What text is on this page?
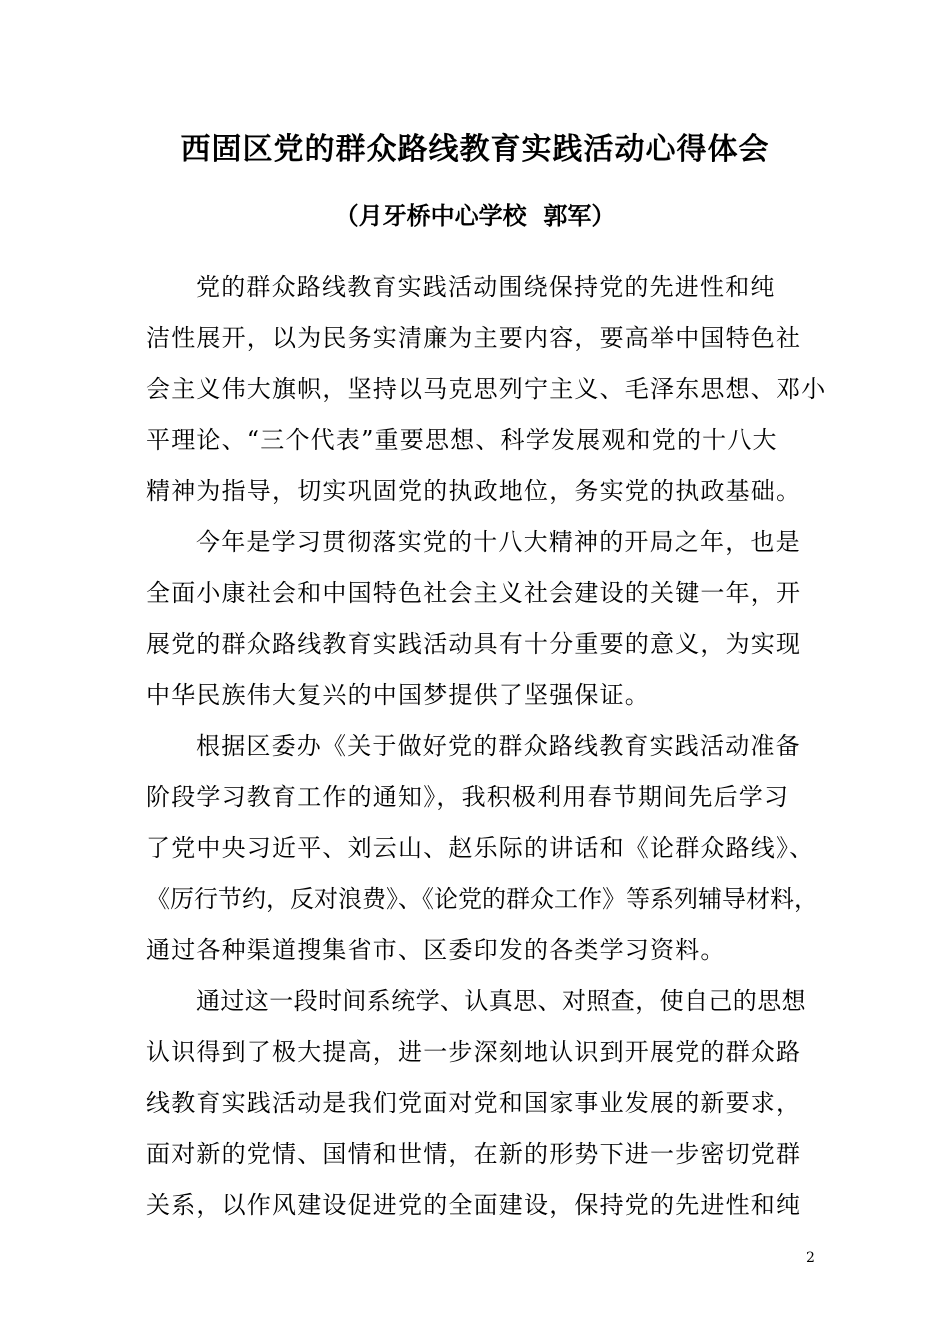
西固区党的群众路线教育实践活动心得体会
（月牙桥中心学校  郭军）
党的群众路线教育实践活动围绕保持党的先进性和纯
洁性展开，以为民务实清廉为主要内容，要高举中国特色社
会主义伟大旗帜，坚持以马克思列宁主义、毛泽东思想、邓小
平理论、“三个代表”重要思想、科学发展观和党的十八大
精神为指导，切实巩固党的执政地位，务实党的执政基础。
今年是学习贯彻落实党的十八大精神的开局之年，也是
全面小康社会和中国特色社会主义社会建设的关键一年，开
展党的群众路线教育实践活动具有十分重要的意义，为实现
中华民族伟大复兴的中国梦提供了坚强保证。
根据区委办《关于做好党的群众路线教育实践活动准备
阶段学习教育工作的通知》，我积极利用春节期间先后学习
了党中央习近平、刘云山、赵乐际的讲话和《论群众路线》、
《厉行节约，反对浪费》、《论党的群众工作》等系列辅导材料，
通过各种渠道搜集省市、区委印发的各类学习资料。
通过这一段时间系统学、认真思、对照查，使自己的思想
认识得到了极大提高，进一步深刻地认识到开展党的群众路
线教育实践活动是我们党面对党和国家事业发展的新要求，
面对新的党情、国情和世情，在新的形势下进一步密切党群
关系，以作风建设促进党的全面建设，保持党的先进性和纯
2
